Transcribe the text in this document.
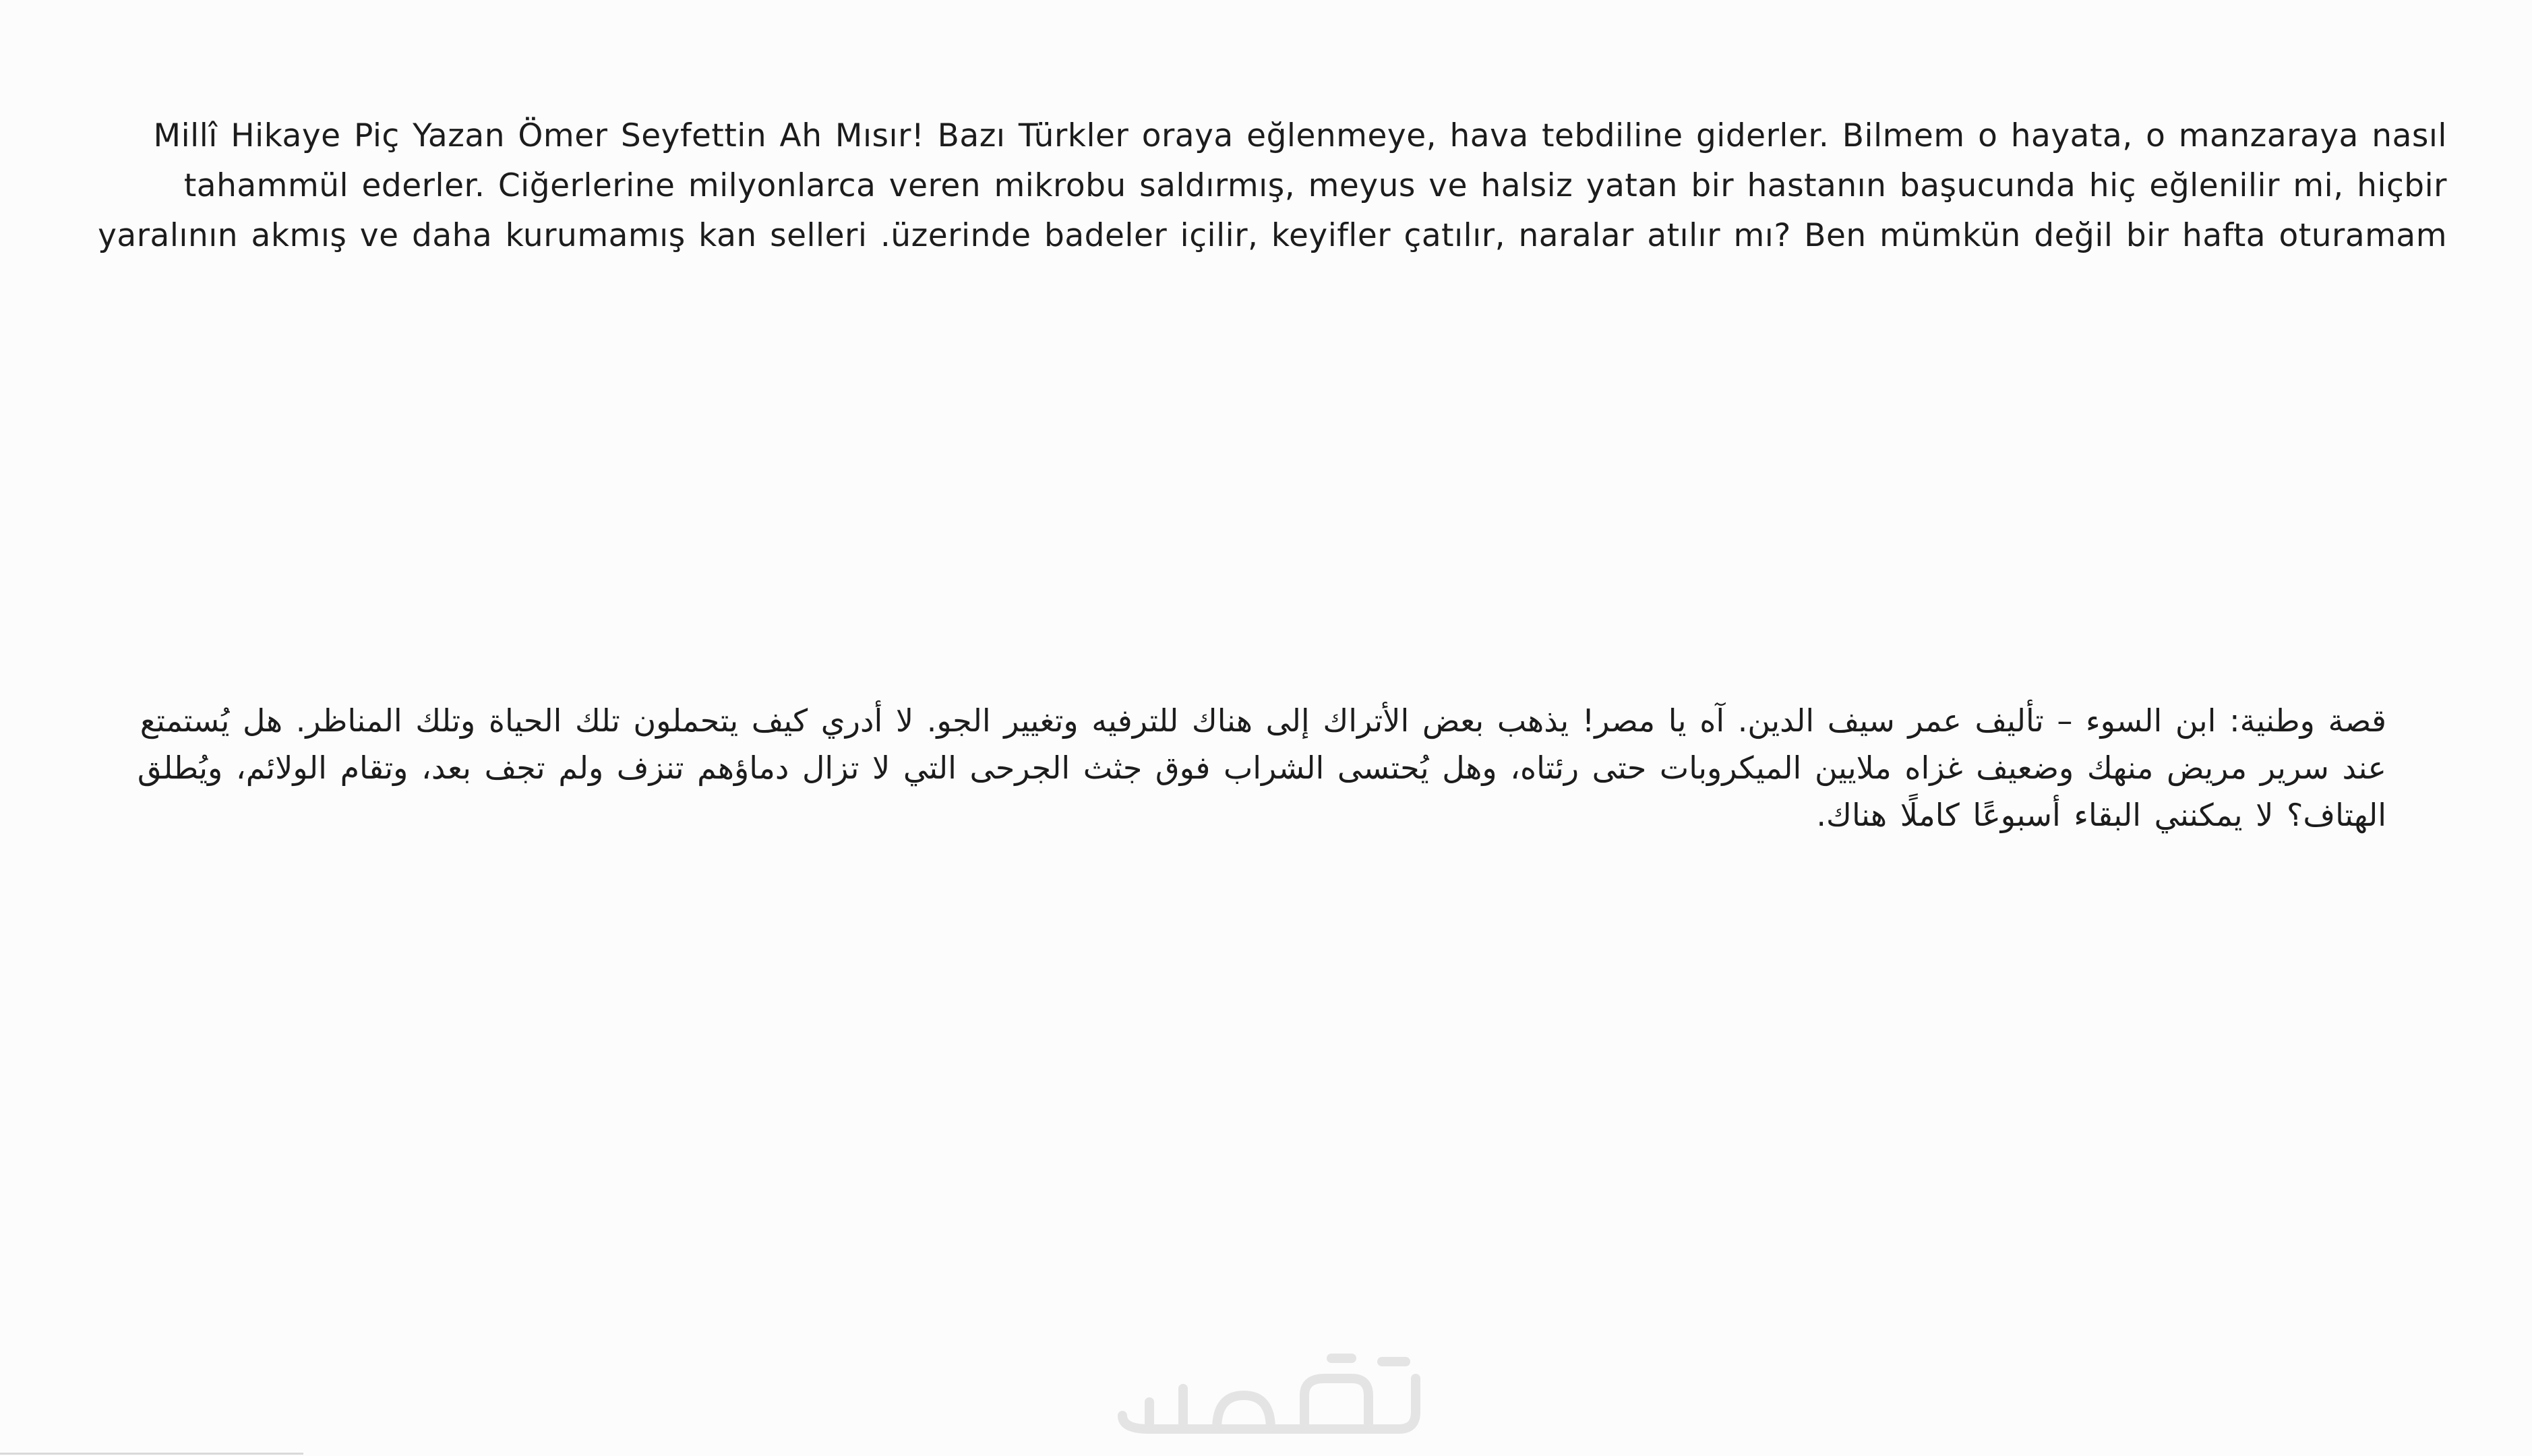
Millî Hikaye Piç Yazan Ömer Seyfettin Ah Mısır! Bazı Türkler oraya eğlenmeye, hava tebdiline giderler. Bilmem o hayata, o manzaraya nasıl tahammül ederler. Ciğerlerine milyonlarca veren mikrobu saldırmış, meyus ve halsiz yatan bir hastanın başucunda hiç eğlenilir mi, hiçbir yaralının akmış ve daha kurumamış kan selleri .üzerinde badeler içilir, keyifler çatılır, naralar atılır mı? Ben mümkün değil bir hafta oturamam

قصة وطنية: ابن السوء – تأليف عمر سيف الدين. آه يا مصر! يذهب بعض الأتراك إلى هناك للترفيه وتغيير الجو. لا أدري كيف يتحملون تلك الحياة وتلك المناظر. هل يُستمتع عند سرير مريض منهك وضعيف غزاه ملايين الميكروبات حتى رئتاه، وهل يُحتسى الشراب فوق جثث الجرحى التي لا تزال دماؤهم تنزف ولم تجف بعد، وتقام الولائم، ويُطلق الهتاف؟ لا يمكنني البقاء أسبوعًا كاملًا هناك.
